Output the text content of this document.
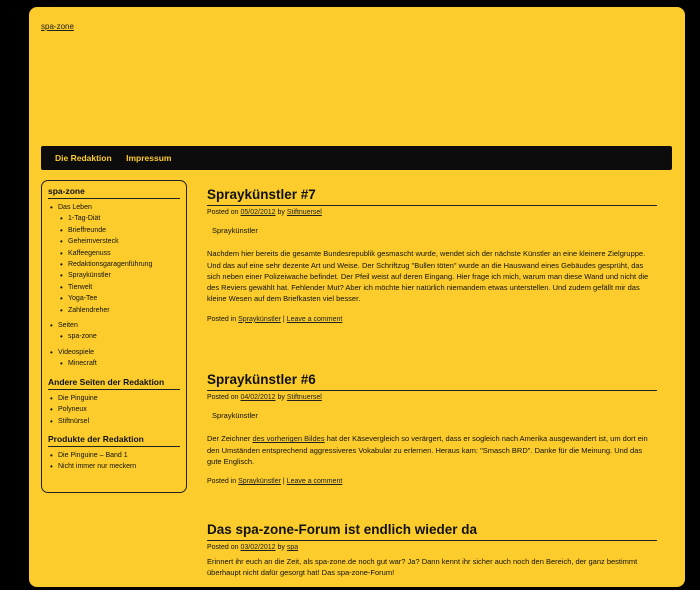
spa-zone
Die Redaktion Impressum
spa-zone
• Das Leben
• 1-Tag-Diät
• Brieffreunde
• Geheimversteck
• Kaffeegenuss
• Redaktionsgaragenführung
• Spraykünstler
• Tierwelt
• Yoga-Tee
• Zahlendreher
• Seiten
• spa-zone
• Videospiele
• Minecraft
Andere Seiten der Redaktion
• Die Pinguine
• Polyneux
• Stiftnürsel
Produkte der Redaktion
• Die Pinguine – Band 1
• Nicht immer nur meckern
Spraykünstler #7
Posted on 05/02/2012 by Stiftnuersel

Spraykünstler

Nachdem hier bereits die gesamte Bundesrepublik gesmascht wurde, wendet sich der nächste Künstler an eine kleinere Zielgruppe. Und das auf eine sehr dezente Art und Weise. Der Schriftzug "Bullen töten" wurde an die Hauswand eines Gebäudes gesprüht, das sich neben einer Polizeiwache befindet. Der Pfeil weist auf deren Eingang. Hier frage ich mich, warum man diese Wand und nicht die des Reviers gewählt hat. Fehlender Mut? Aber ich möchte hier natürlich niemandem etwas unterstellen. Und zudem gefällt mir das kleine Wesen auf dem Briefkasten viel besser.

Posted in Spraykünstler | Leave a comment
Spraykünstler #6
Posted on 04/02/2012 by Stiftnuersel

Spraykünstler

Der Zeichner des vorherigen Bildes hat der Käsevergleich so verärgert, dass er sogleich nach Amerika ausgewandert ist, um dort ein den Umständen entsprechend aggressiveres Vokabular zu erlernen. Heraus kam: "Smasch BRD". Danke für die Meinung. Und das gute Englisch.

Posted in Spraykünstler | Leave a comment
Das spa-zone-Forum ist endlich wieder da
Posted on 03/02/2012 by spa

Erinnert ihr euch an die Zeit, als spa-zone.de noch gut war? Ja? Dann kennt ihr sicher auch noch den Bereich, der ganz bestimmt überhaupt nicht dafür gesorgt hat! Das spa-zone-Forum!
